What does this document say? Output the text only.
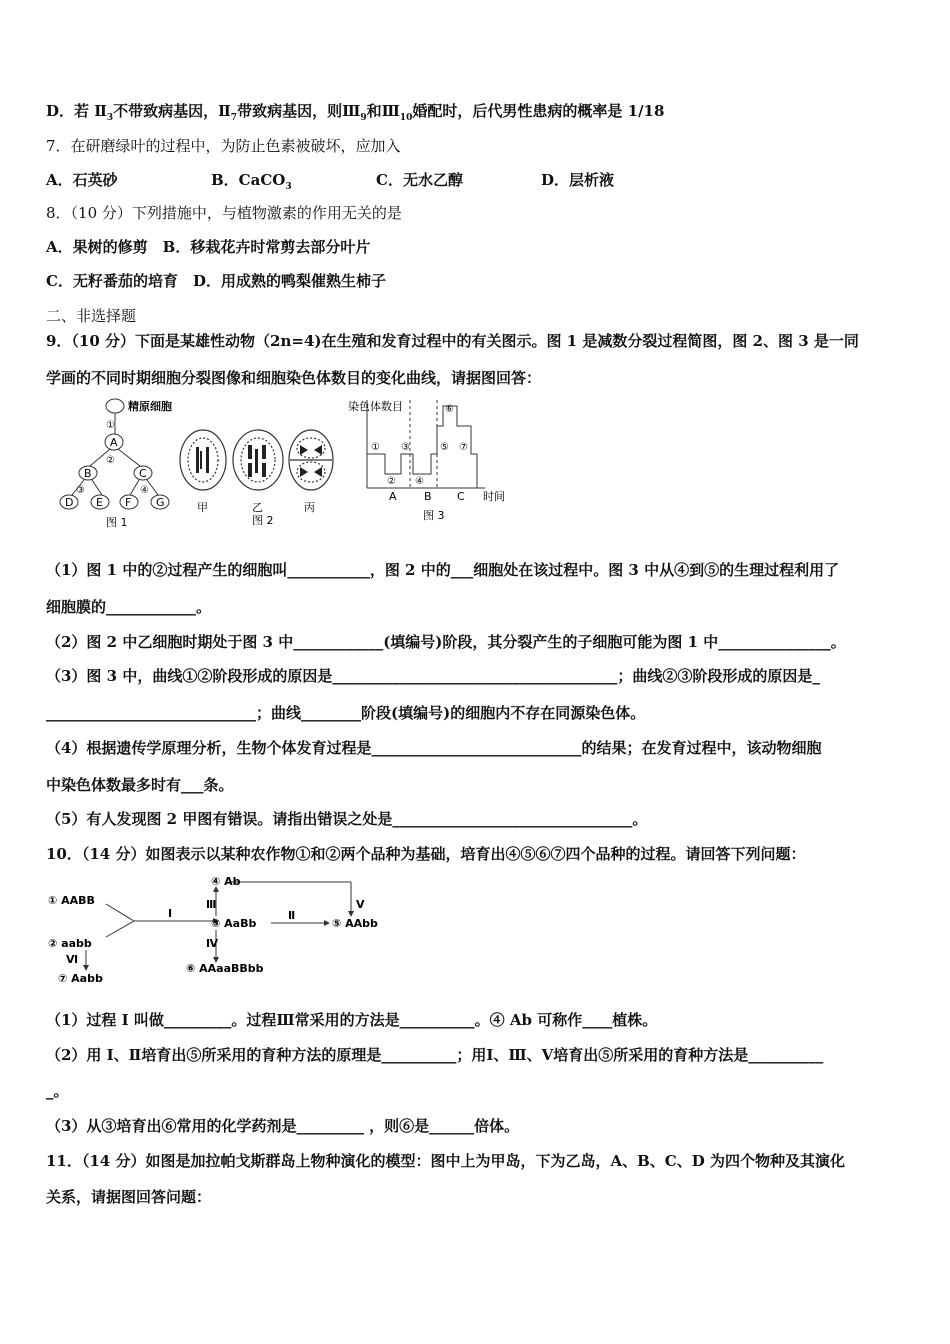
D．若 $Ⅱ_3$不带致病基因，$Ⅱ_7$带致病基因，则$Ⅲ_9$和$Ⅲ_{10}$婚配时，后代男性患病的概率是 1/18
7．在研磨绿叶的过程中，为防止色素被破坏，应加入
A．石英砂	B．CaCO$_3$	C．无水乙醇	D．层析液
8．（10 分）下列措施中，与植物激素的作用无关的是
A．果树的修剪　B．移栽花卉时常剪去部分叶片
C．无籽番茄的培育　D．用成熟的鸭梨催熟生柿子
二、非选择题
9．（10 分）下面是某雄性动物（2n=4)在生殖和发育过程中的有关图示。图 1 是减数分裂过程简图，图 2、图 3 是一同
学画的不同时期细胞分裂图像和细胞染色体数目的变化曲线，请据图回答：
精原细胞
①
A
②
B	C
③	④
D E F G
图 1
甲	乙	丙
图 2
染色体数目
①
②
③
④
⑤
⑥
⑦
A B C 时间
图 3
（1）图 1 中的②过程产生的细胞叫___________，图 2 中的___细胞处在该过程中。图 3 中从④到⑤的生理过程利用了
细胞膜的____________。
（2）图 2 中乙细胞时期处于图 3 中____________(填编号)阶段，其分裂产生的子细胞可能为图 1 中_______________。
（3）图 3 中，曲线①②阶段形成的原因是______________________________________；曲线②③阶段形成的原因是_
____________________________；曲线________阶段(填编号)的细胞内不存在同源染色体。
（4）根据遗传学原理分析，生物个体发育过程是____________________________的结果；在发育过程中，该动物细胞
中染色体数最多时有___条。
（5）有人发现图 2 甲图有错误。请指出错误之处是________________________________。
10．（14 分）如图表示以某种农作物①和②两个品种为基础，培育出④⑤⑥⑦四个品种的过程。请回答下列问题：
① AABB
② aabb
③ AaBb
④ Ab
⑤ AAbb
⑥ AAaaBBbb
⑦ Aabb
I	Ⅱ
Ⅲ
Ⅳ
Ⅴ
Ⅵ
（1）过程 I 叫做_________。过程Ⅲ常采用的方法是__________。④ Ab 可称作____植株。
（2）用 I、Ⅱ培育出⑤所采用的育种方法的原理是__________；用Ⅰ、Ⅲ、Ⅴ培育出⑤所采用的育种方法是__________
_。
（3）从③培育出⑥常用的化学药剂是_________ ，则⑥是______倍体。
11．（14 分）如图是加拉帕戈斯群岛上物种演化的模型：图中上为甲岛，下为乙岛，A、B、C、D 为四个物种及其演化
关系，请据图回答问题：
